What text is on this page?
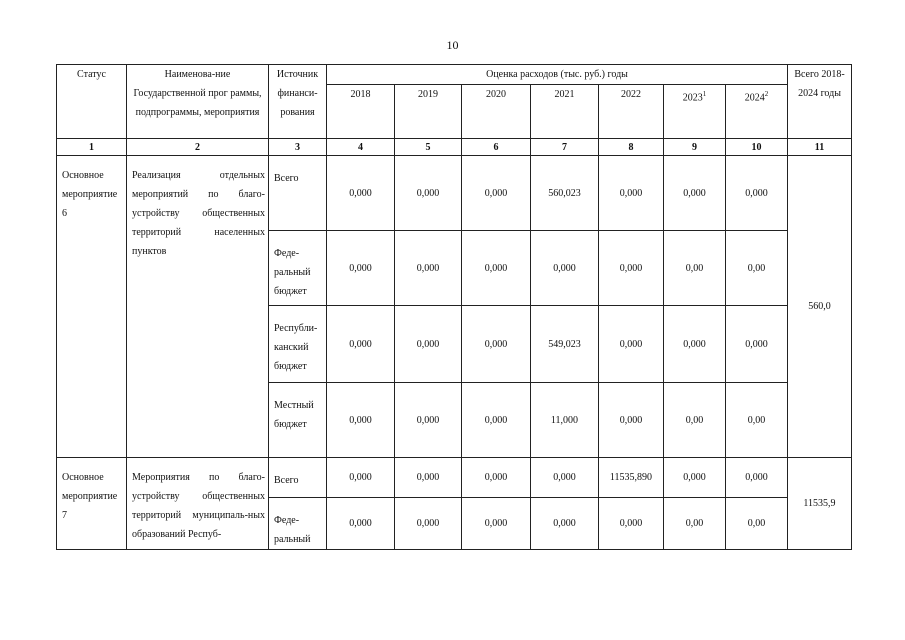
10
Статус	Наименова-ние Государственной прог раммы, подпрограммы, мероприятия	Источник финанси-рования	Оценка расходов (тыс. руб.) годы							Всего 2018-2024 годы
			2018	2019	2020	2021	2022	2023$^1$	2024$^2$
1	2	3	4	5	6	7	8	9	10	11
Основное мероприятие 6	Реализация отдельных мероприятий по благо-устройству общественных территорий населенных пунктов	Всего	0,000	0,000	0,000	560,023	0,000	0,000	0,000	560,0
		Феде-ральный бюджет	0,000	0,000	0,000	0,000	0,000	0,00	0,00	
		Республи-канский бюджет	0,000	0,000	0,000	549,023	0,000	0,000	0,000	
		Местный бюджет	0,000	0,000	0,000	11,000	0,000	0,00	0,00	
Основное мероприятие 7	Мероприятия по благо-устройству общественных территорий муниципаль-ных образований Респуб-	Всего	0,000	0,000	0,000	0,000	11535,890	0,000	0,000	11535,9
		Феде-ральный	0,000	0,000	0,000	0,000	0,000	0,00	0,00	
